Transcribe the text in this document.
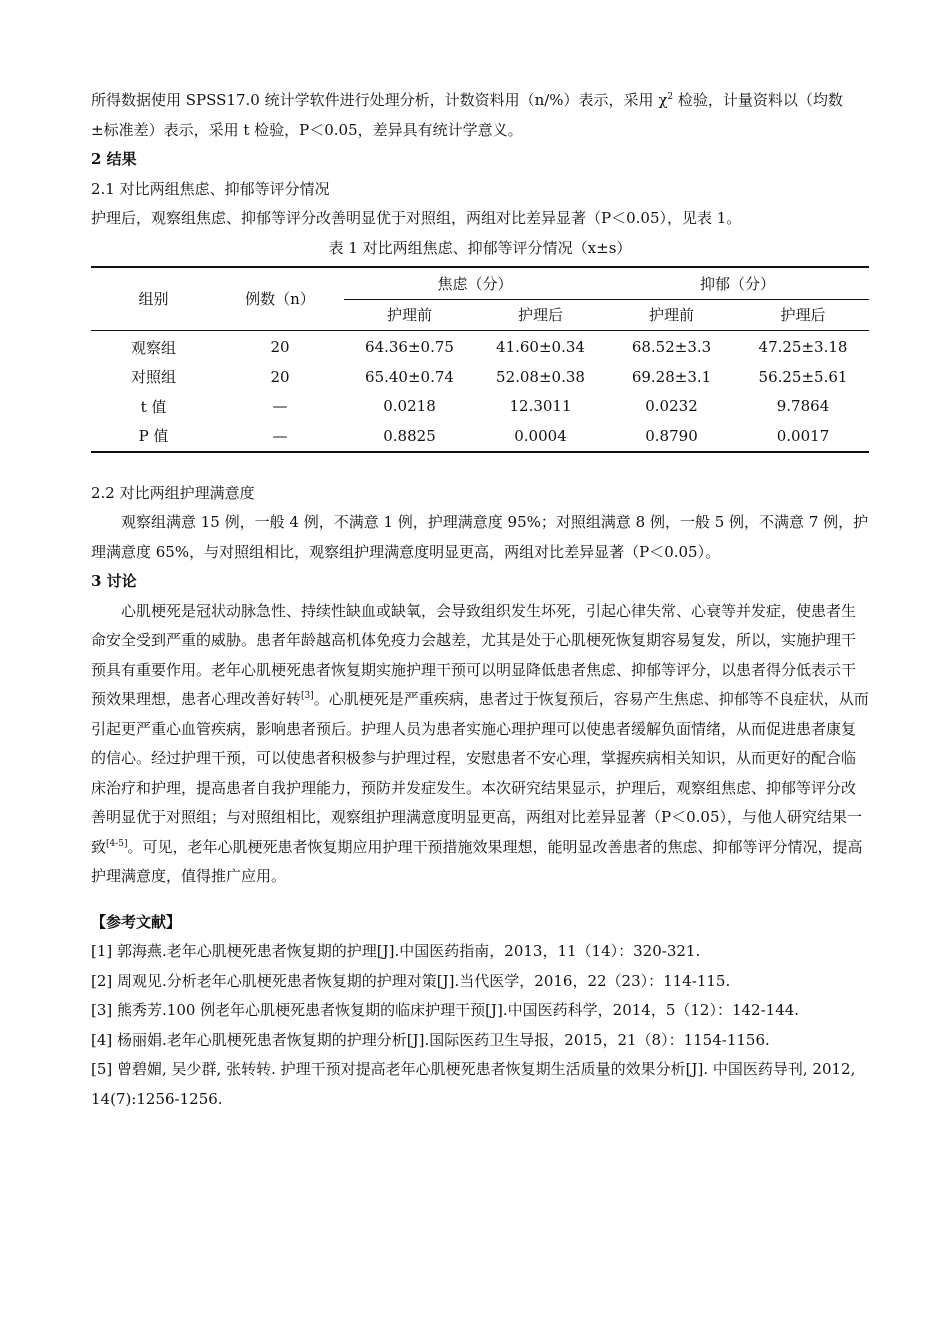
所得数据使用 SPSS17.0 统计学软件进行处理分析，计数资料用（n/%）表示，采用 $\chi^2$ 检验，计量资料以（均数±标准差）表示，采用 t 检验，P＜0.05，差异具有统计学意义。

2 结果

2.1 对比两组焦虑、抑郁等评分情况

护理后，观察组焦虑、抑郁等评分改善明显优于对照组，两组对比差异显著（P＜0.05），见表 1。

表 1 对比两组焦虑、抑郁等评分情况（x±s）

组别	例数（n）	焦虑（分）		抑郁（分）	
		护理前	护理后	护理前	护理后
观察组	20	64.36±0.75	41.60±0.34	68.52±3.3	47.25±3.18
对照组	20	65.40±0.74	52.08±0.38	69.28±3.1	56.25±5.61
t 值	—	0.0218	12.3011	0.0232	9.7864
P 值	—	0.8825	0.0004	0.8790	0.0017

2.2 对比两组护理满意度

观察组满意 15 例，一般 4 例，不满意 1 例，护理满意度 95%；对照组满意 8 例，一般 5 例，不满意 7 例，护理满意度 65%，与对照组相比，观察组护理满意度明显更高，两组对比差异显著（P＜0.05）。

3 讨论

心肌梗死是冠状动脉急性、持续性缺血或缺氧，会导致组织发生坏死，引起心律失常、心衰等并发症，使患者生命安全受到严重的威胁。患者年龄越高机体免疫力会越差，尤其是处于心肌梗死恢复期容易复发，所以，实施护理干预具有重要作用。老年心肌梗死患者恢复期实施护理干预可以明显降低患者焦虑、抑郁等评分，以患者得分低表示干预效果理想，患者心理改善好转[3]。心肌梗死是严重疾病，患者过于恢复预后，容易产生焦虑、抑郁等不良症状，从而引起更严重心血管疾病，影响患者预后。护理人员为患者实施心理护理可以使患者缓解负面情绪，从而促进患者康复的信心。经过护理干预，可以使患者积极参与护理过程，安慰患者不安心理，掌握疾病相关知识，从而更好的配合临床治疗和护理，提高患者自我护理能力，预防并发症发生。本次研究结果显示，护理后，观察组焦虑、抑郁等评分改善明显优于对照组；与对照组相比，观察组护理满意度明显更高，两组对比差异显著（P＜0.05），与他人研究结果一致[4-5]。可见，老年心肌梗死患者恢复期应用护理干预措施效果理想，能明显改善患者的焦虑、抑郁等评分情况，提高护理满意度，值得推广应用。

【参考文献】

[1] 郭海燕.老年心肌梗死患者恢复期的护理[J].中国医药指南，2013，11（14）：320-321.

[2] 周观见.分析老年心肌梗死患者恢复期的护理对策[J].当代医学，2016，22（23）：114-115.

[3] 熊秀芳.100 例老年心肌梗死患者恢复期的临床护理干预[J].中国医药科学，2014，5（12）：142-144.

[4] 杨丽娟.老年心肌梗死患者恢复期的护理分析[J].国际医药卫生导报，2015，21（8）：1154-1156.

[5] 曾碧媚, 吴少群, 张转转. 护理干预对提高老年心肌梗死患者恢复期生活质量的效果分析[J]. 中国医药导刊, 2012, 14(7):1256-1256.
